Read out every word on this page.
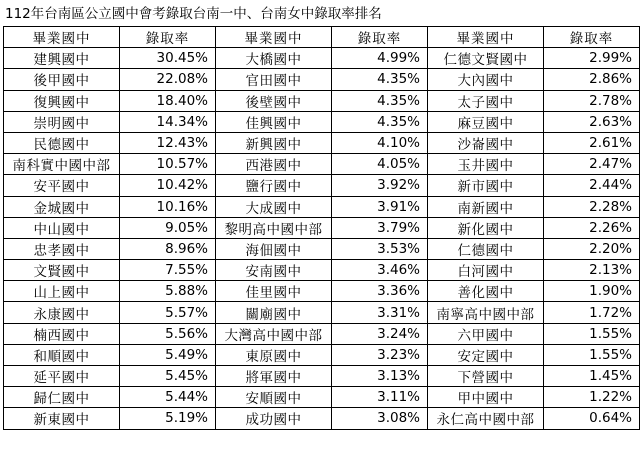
112年台南區公立國中會考錄取台南一中、台南女中錄取率排名
畢業國中	錄取率	畢業國中	錄取率	畢業國中	錄取率
建興國中	30.45%	大橋國中	4.99%	仁德文賢國中	2.99%
後甲國中	22.08%	官田國中	4.35%	大內國中	2.86%
復興國中	18.40%	後壁國中	4.35%	太子國中	2.78%
崇明國中	14.34%	佳興國中	4.35%	麻豆國中	2.63%
民德國中	12.43%	新興國中	4.10%	沙崙國中	2.61%
南科實中國中部	10.57%	西港國中	4.05%	玉井國中	2.47%
安平國中	10.42%	鹽行國中	3.92%	新市國中	2.44%
金城國中	10.16%	大成國中	3.91%	南新國中	2.28%
中山國中	9.05%	黎明高中國中部	3.79%	新化國中	2.26%
忠孝國中	8.96%	海佃國中	3.53%	仁德國中	2.20%
文賢國中	7.55%	安南國中	3.46%	白河國中	2.13%
山上國中	5.88%	佳里國中	3.36%	善化國中	1.90%
永康國中	5.57%	關廟國中	3.31%	南寧高中國中部	1.72%
楠西國中	5.56%	大灣高中國中部	3.24%	六甲國中	1.55%
和順國中	5.49%	東原國中	3.23%	安定國中	1.55%
延平國中	5.45%	將軍國中	3.13%	下營國中	1.45%
歸仁國中	5.44%	安順國中	3.11%	甲中國中	1.22%
新東國中	5.19%	成功國中	3.08%	永仁高中國中部	0.64%
